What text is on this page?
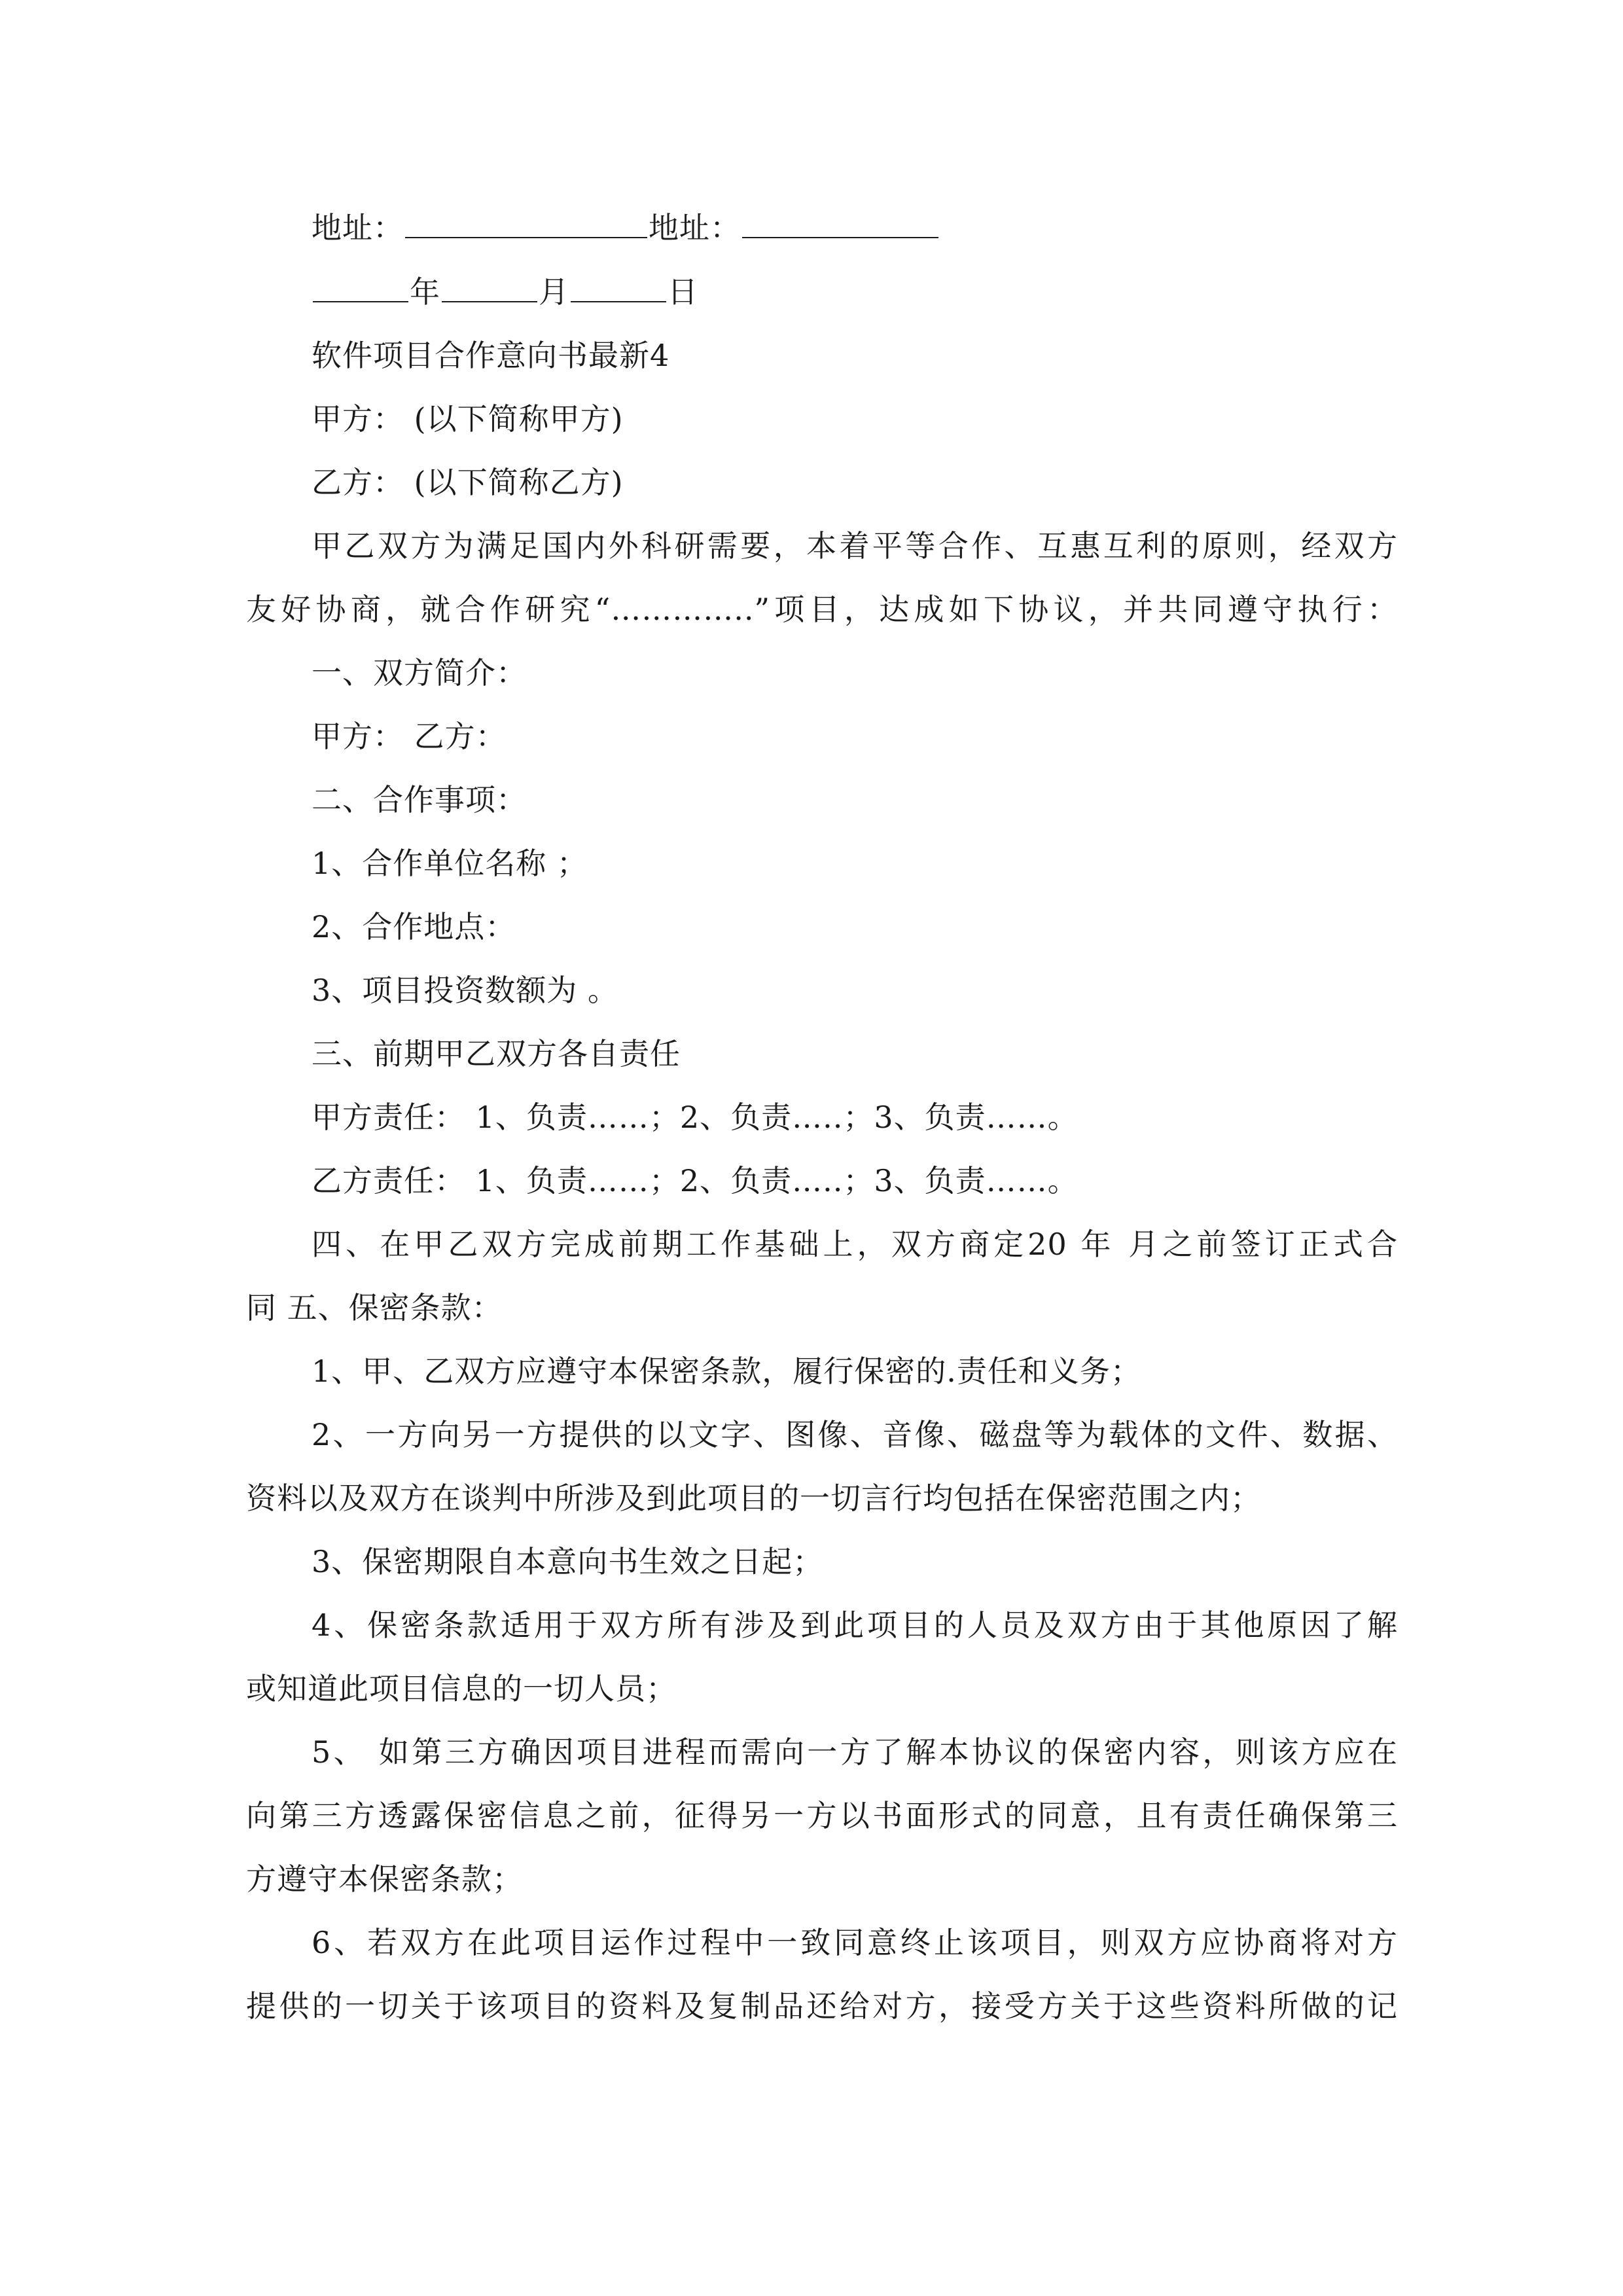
地址：	地址：
年	月	日
软件项目合作意向书最新4
甲方： (以下简称甲方)
乙方： (以下简称乙方)
甲乙双方为满足国内外科研需要，本着平等合作、互惠互利的原则，经双方
友好协商，就合作研究“…………..”项目，达成如下协议，并共同遵守执行：
一、双方简介：
甲方： 乙方：
二、合作事项：
1、合作单位名称 ；
2、合作地点：
3、项目投资数额为 。
三、前期甲乙双方各自责任
甲方责任： 1、负责……；2、负责…..；3、负责……。
乙方责任： 1、负责……；2、负责…..；3、负责……。
四、在甲乙双方完成前期工作基础上，双方商定20 年 月之前签订正式合
同 五、保密条款：
1、甲、乙双方应遵守本保密条款，履行保密的.责任和义务；
2、一方向另一方提供的以文字、图像、音像、磁盘等为载体的文件、数据、
资料以及双方在谈判中所涉及到此项目的一切言行均包括在保密范围之内；
3、保密期限自本意向书生效之日起；
4、保密条款适用于双方所有涉及到此项目的人员及双方由于其他原因了解
或知道此项目信息的一切人员；
5、 如第三方确因项目进程而需向一方了解本协议的保密内容，则该方应在
向第三方透露保密信息之前，征得另一方以书面形式的同意，且有责任确保第三
方遵守本保密条款；
6、若双方在此项目运作过程中一致同意终止该项目，则双方应协商将对方
提供的一切关于该项目的资料及复制品还给对方，接受方关于这些资料所做的记
